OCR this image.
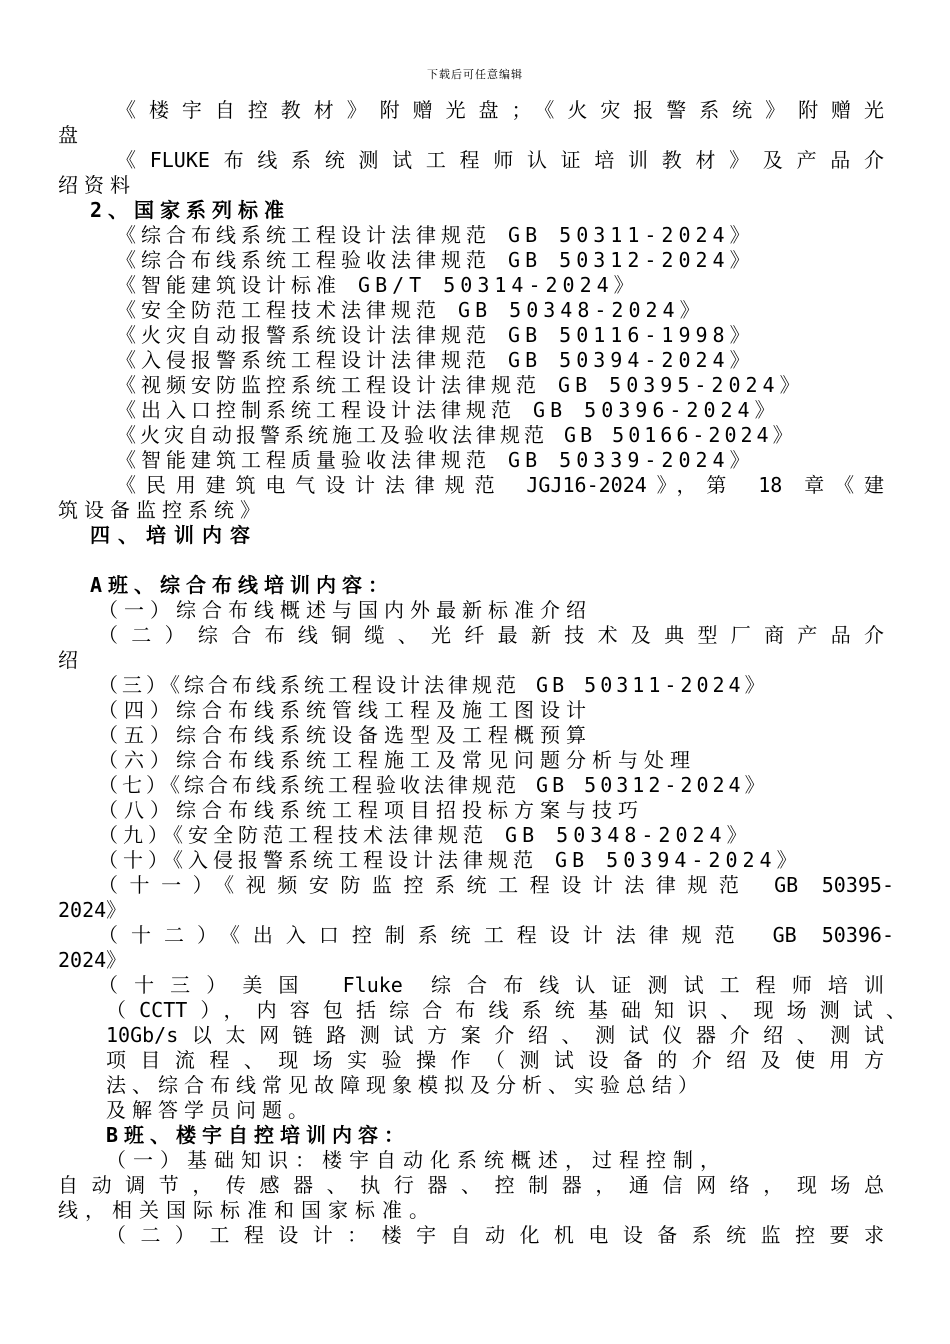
下载后可任意编辑
《楼宇自控教材》附赠光盘；《火灾报警系统》附赠光
盘
《FLUKE布线系统测试工程师认证培训教材》及产品介
绍资料
2、国家系列标准
《综合布线系统工程设计法律规范 GB 50311-2024》
《综合布线系统工程验收法律规范 GB 50312-2024》
《智能建筑设计标准 GB/T 50314-2024》
《安全防范工程技术法律规范 GB 50348-2024》
《火灾自动报警系统设计法律规范 GB 50116-1998》
《入侵报警系统工程设计法律规范 GB 50394-2024》
《视频安防监控系统工程设计法律规范 GB 50395-2024》
《出入口控制系统工程设计法律规范 GB 50396-2024》
《火灾自动报警系统施工及验收法律规范 GB 50166-2024》
《智能建筑工程质量验收法律规范 GB 50339-2024》
《民用建筑电气设计法律规范 JGJ16-2024》，第 18 章《建
筑设备监控系统》
四、培训内容
A班、综合布线培训内容：
（一）综合布线概述与国内外最新标准介绍
（二）综合布线铜缆、光纤最新技术及典型厂商产品介
绍
（三）《综合布线系统工程设计法律规范 GB 50311-2024》
（四）综合布线系统管线工程及施工图设计
（五）综合布线系统设备选型及工程概预算
（六）综合布线系统工程施工及常见问题分析与处理
（七）《综合布线系统工程验收法律规范 GB 50312-2024》
（八）综合布线系统工程项目招投标方案与技巧
（九）《安全防范工程技术法律规范 GB 50348-2024》
（十）《入侵报警系统工程设计法律规范 GB 50394-2024》
（十一）《视频安防监控系统工程设计法律规范 GB 50395-
2024》
（十二）《出入口控制系统工程设计法律规范 GB 50396-
2024》
（十三）美国 Fluke 综合布线认证测试工程师培训
（CCTT），内容包括综合布线系统基础知识、现场测试、
10Gb/s以太网链路测试方案介绍、测试仪器介绍、测试
项目流程、现场实验操作（测试设备的介绍及使用方
法、综合布线常见故障现象模拟及分析、实验总结）
及解答学员问题。
B班、楼宇自控培训内容：
（一）基础知识：楼宇自动化系统概述，过程控制，
自动调节，传感器、执行器、控制器，通信网络，现场总
线，相关国际标准和国家标准。
（二）工程设计：楼宇自动化机电设备系统监控要求
